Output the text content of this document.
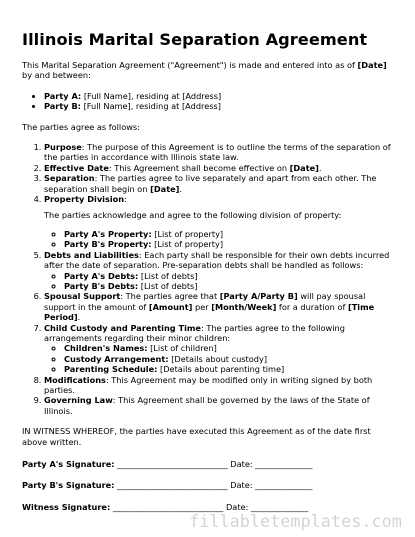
Illinois Marital Separation Agreement

This Marital Separation Agreement ("Agreement") is made and entered into as of [Date] by and between:

• Party A: [Full Name], residing at [Address]
• Party B: [Full Name], residing at [Address]

The parties agree as follows:

1. Purpose: The purpose of this Agreement is to outline the terms of the separation of the parties in accordance with Illinois state law.
2. Effective Date: This Agreement shall become effective on [Date].
3. Separation: The parties agree to live separately and apart from each other. The separation shall begin on [Date].
4. Property Division:

The parties acknowledge and agree to the following division of property:

◦ Party A's Property: [List of property]
◦ Party B's Property: [List of property]
5. Debts and Liabilities: Each party shall be responsible for their own debts incurred after the date of separation. Pre-separation debts shall be handled as follows:
◦ Party A's Debts: [List of debts]
◦ Party B's Debts: [List of debts]
6. Spousal Support: The parties agree that [Party A/Party B] will pay spousal support in the amount of [Amount] per [Month/Week] for a duration of [Time Period].
7. Child Custody and Parenting Time: The parties agree to the following arrangements regarding their minor children:
◦ Children's Names: [List of children]
◦ Custody Arrangement: [Details about custody]
◦ Parenting Schedule: [Details about parenting time]
8. Modifications: This Agreement may be modified only in writing signed by both parties.
9. Governing Law: This Agreement shall be governed by the laws of the State of Illinois.

IN WITNESS WHEREOF, the parties have executed this Agreement as of the date first above written.

Party A's Signature: ___________________________ Date: ______________
Party B's Signature: ___________________________ Date: ______________
Witness Signature: ___________________________ Date: ______________
fillabletemplates.com
